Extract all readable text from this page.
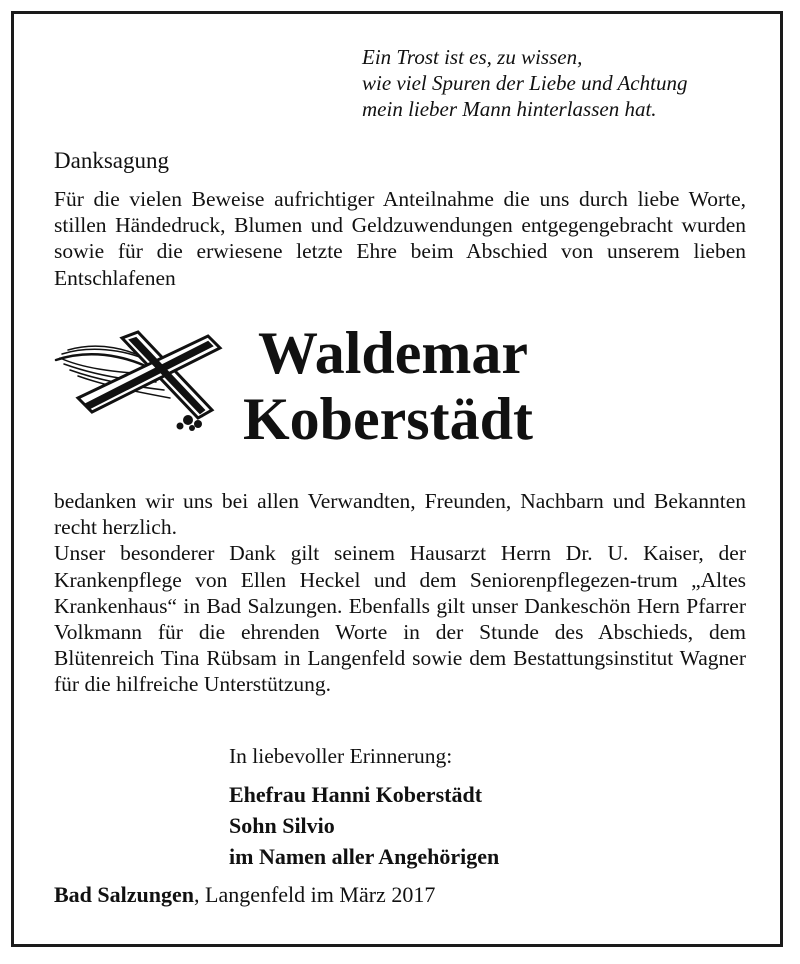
Ein Trost ist es, zu wissen,
wie viel Spuren der Liebe und Achtung
mein lieber Mann hinterlassen hat.
Danksagung
Für die vielen Beweise aufrichtiger Anteilnahme die uns durch liebe Worte, stillen Händedruck, Blumen und Geldzuwendungen entgegengebracht wurden sowie für die erwiesene letzte Ehre beim Abschied von unserem lieben Entschlafenen
Waldemar
Koberstädt

bedanken wir uns bei allen Verwandten, Freunden, Nachbarn und Bekannten recht herzlich.

Unser besonderer Dank gilt seinem Hausarzt Herrn Dr. U. Kaiser, der Krankenpflege von Ellen Heckel und dem Seniorenpflegezen-trum „Altes Krankenhaus“ in Bad Salzungen. Ebenfalls gilt unser Dankeschön Hern Pfarrer Volkmann für die ehrenden Worte in der Stunde des Abschieds, dem Blütenreich Tina Rübsam in Langenfeld sowie dem Bestattungsinstitut Wagner für die hilfreiche Unterstützung.

In liebevoller Erinnerung:
Ehefrau Hanni Koberstädt
Sohn Silvio
im Namen aller Angehörigen
Bad Salzungen, Langenfeld im März 2017
